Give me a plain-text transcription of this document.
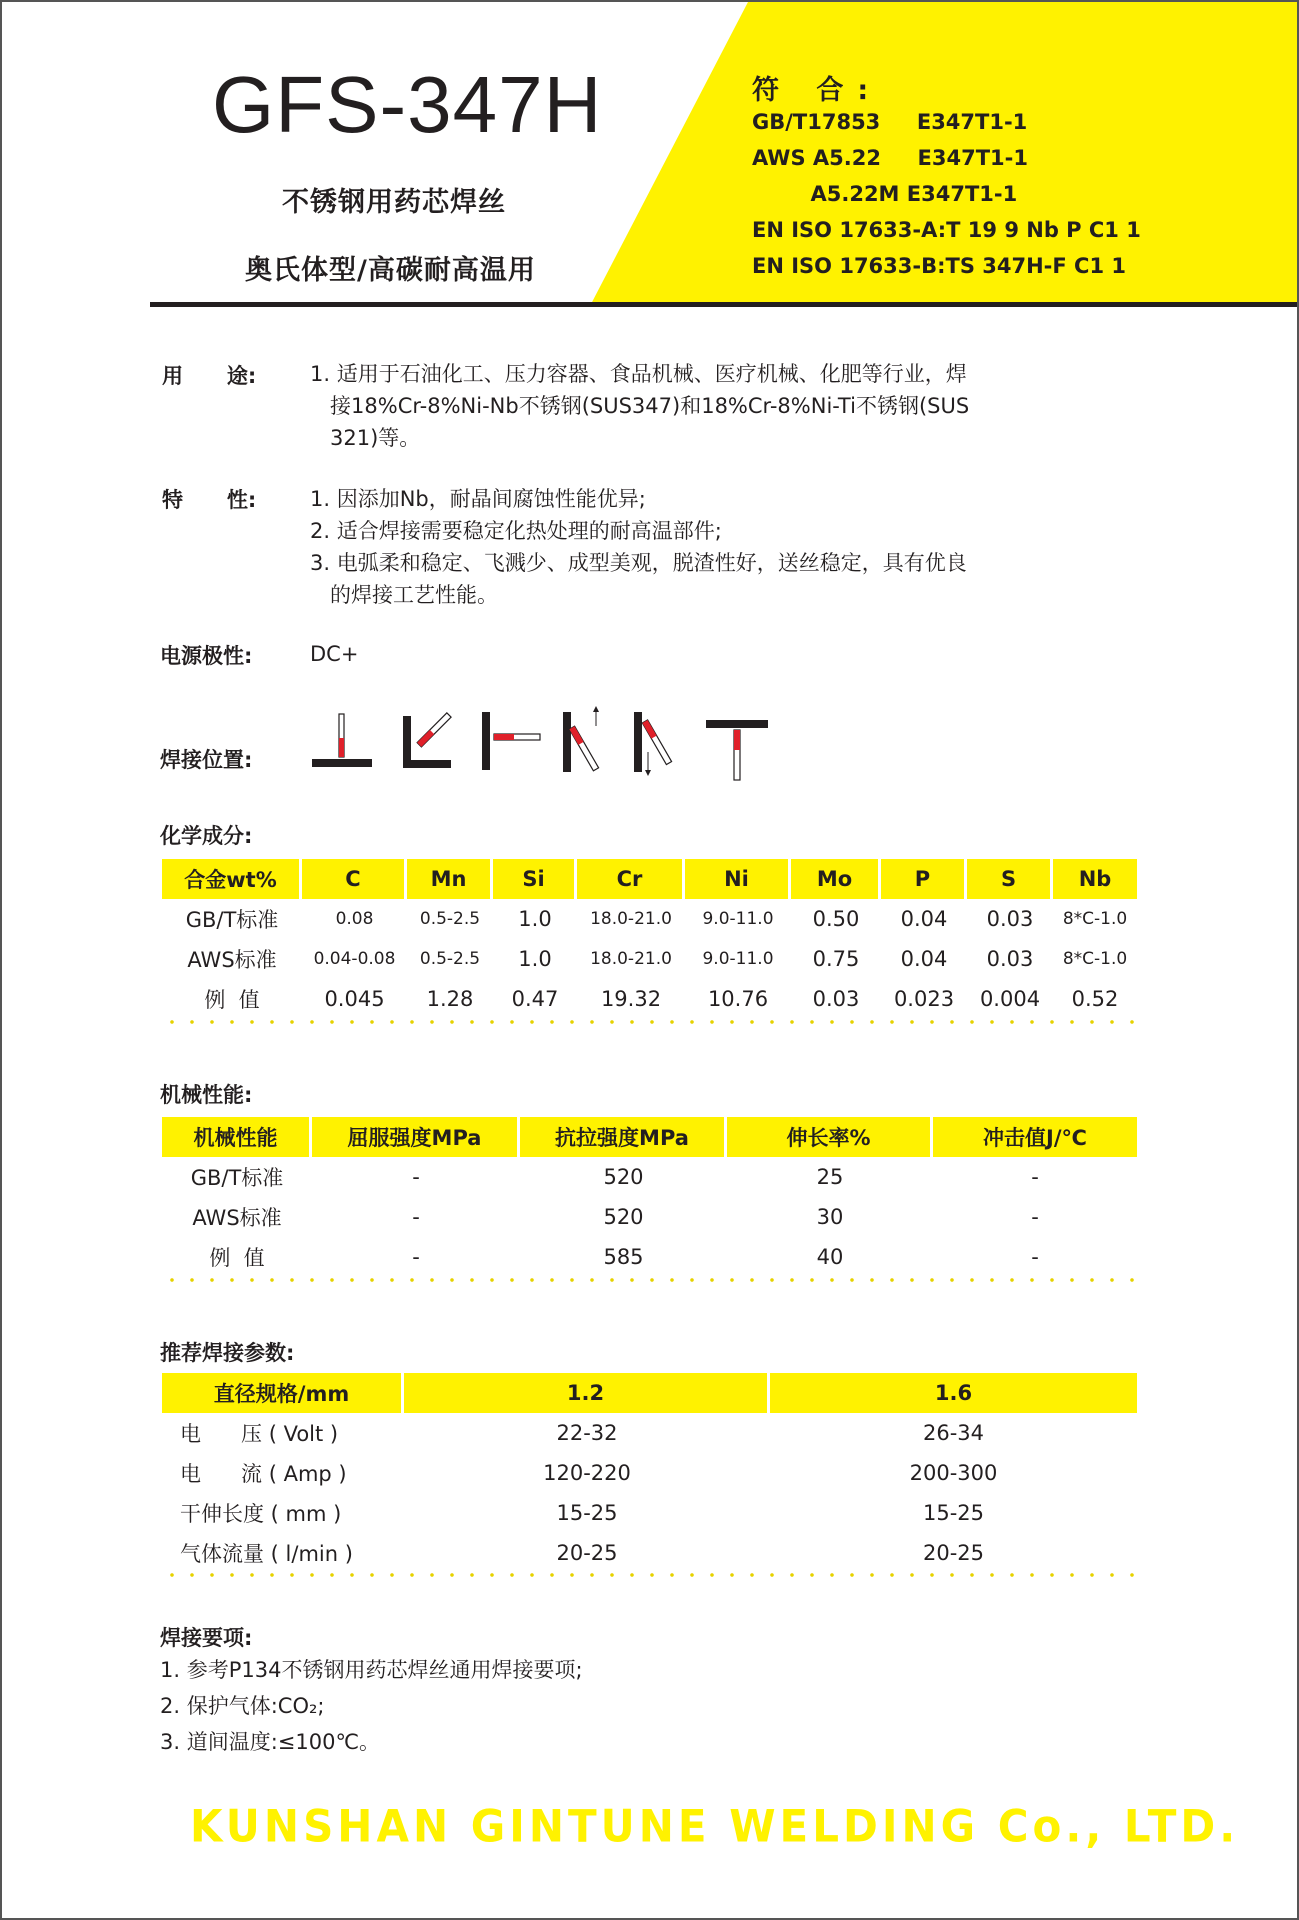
GFS-347H
不锈钢用药芯焊丝
奥氏体型/高碳耐高温用
符 合:
GB/T17853     E347T1-1
AWS A5.22     E347T1-1
A5.22M E347T1-1
EN ISO 17633-A:T 19 9 Nb P C1 1
EN ISO 17633-B:TS 347H-F C1 1
用      途:	1. 适用于石油化工、压力容器、食品机械、医疗机械、化肥等行业，焊
接18%Cr-8%Ni-Nb不锈钢(SUS347)和18%Cr-8%Ni-Ti不锈钢(SUS
321)等。
特      性:	1. 因添加Nb，耐晶间腐蚀性能优异;
2. 适合焊接需要稳定化热处理的耐高温部件;
3. 电弧柔和稳定、飞溅少、成型美观，脱渣性好，送丝稳定，具有优良
的焊接工艺性能。
电源极性:	DC+
焊接位置:
化学成分:
合金wt%	C	Mn	Si	Cr	Ni	Mo	P	S	Nb
GB/T标准	0.08	0.5-2.5	1.0	18.0-21.0	9.0-11.0	0.50	0.04	0.03	8*C-1.0
AWS标准	0.04-0.08	0.5-2.5	1.0	18.0-21.0	9.0-11.0	0.75	0.04	0.03	8*C-1.0
例  值	0.045	1.28	0.47	19.32	10.76	0.03	0.023	0.004	0.52
机械性能:
机械性能	屈服强度MPa	抗拉强度MPa	伸长率%	冲击值J/℃
GB/T标准	-	520	25	-
AWS标准	-	520	30	-
例  值	-	585	40	-
推荐焊接参数:
直径规格/mm	1.2	1.6
电      压 ( Volt )	22-32	26-34
电      流 ( Amp )	120-220	200-300
干伸长度 ( mm )	15-25	15-25
气体流量 ( l/min )	20-25	20-25
焊接要项:
1. 参考P134不锈钢用药芯焊丝通用焊接要项;
2. 保护气体:CO₂;
3. 道间温度:≤100℃。
KUNSHAN GINTUNE WELDING Co., LTD.
